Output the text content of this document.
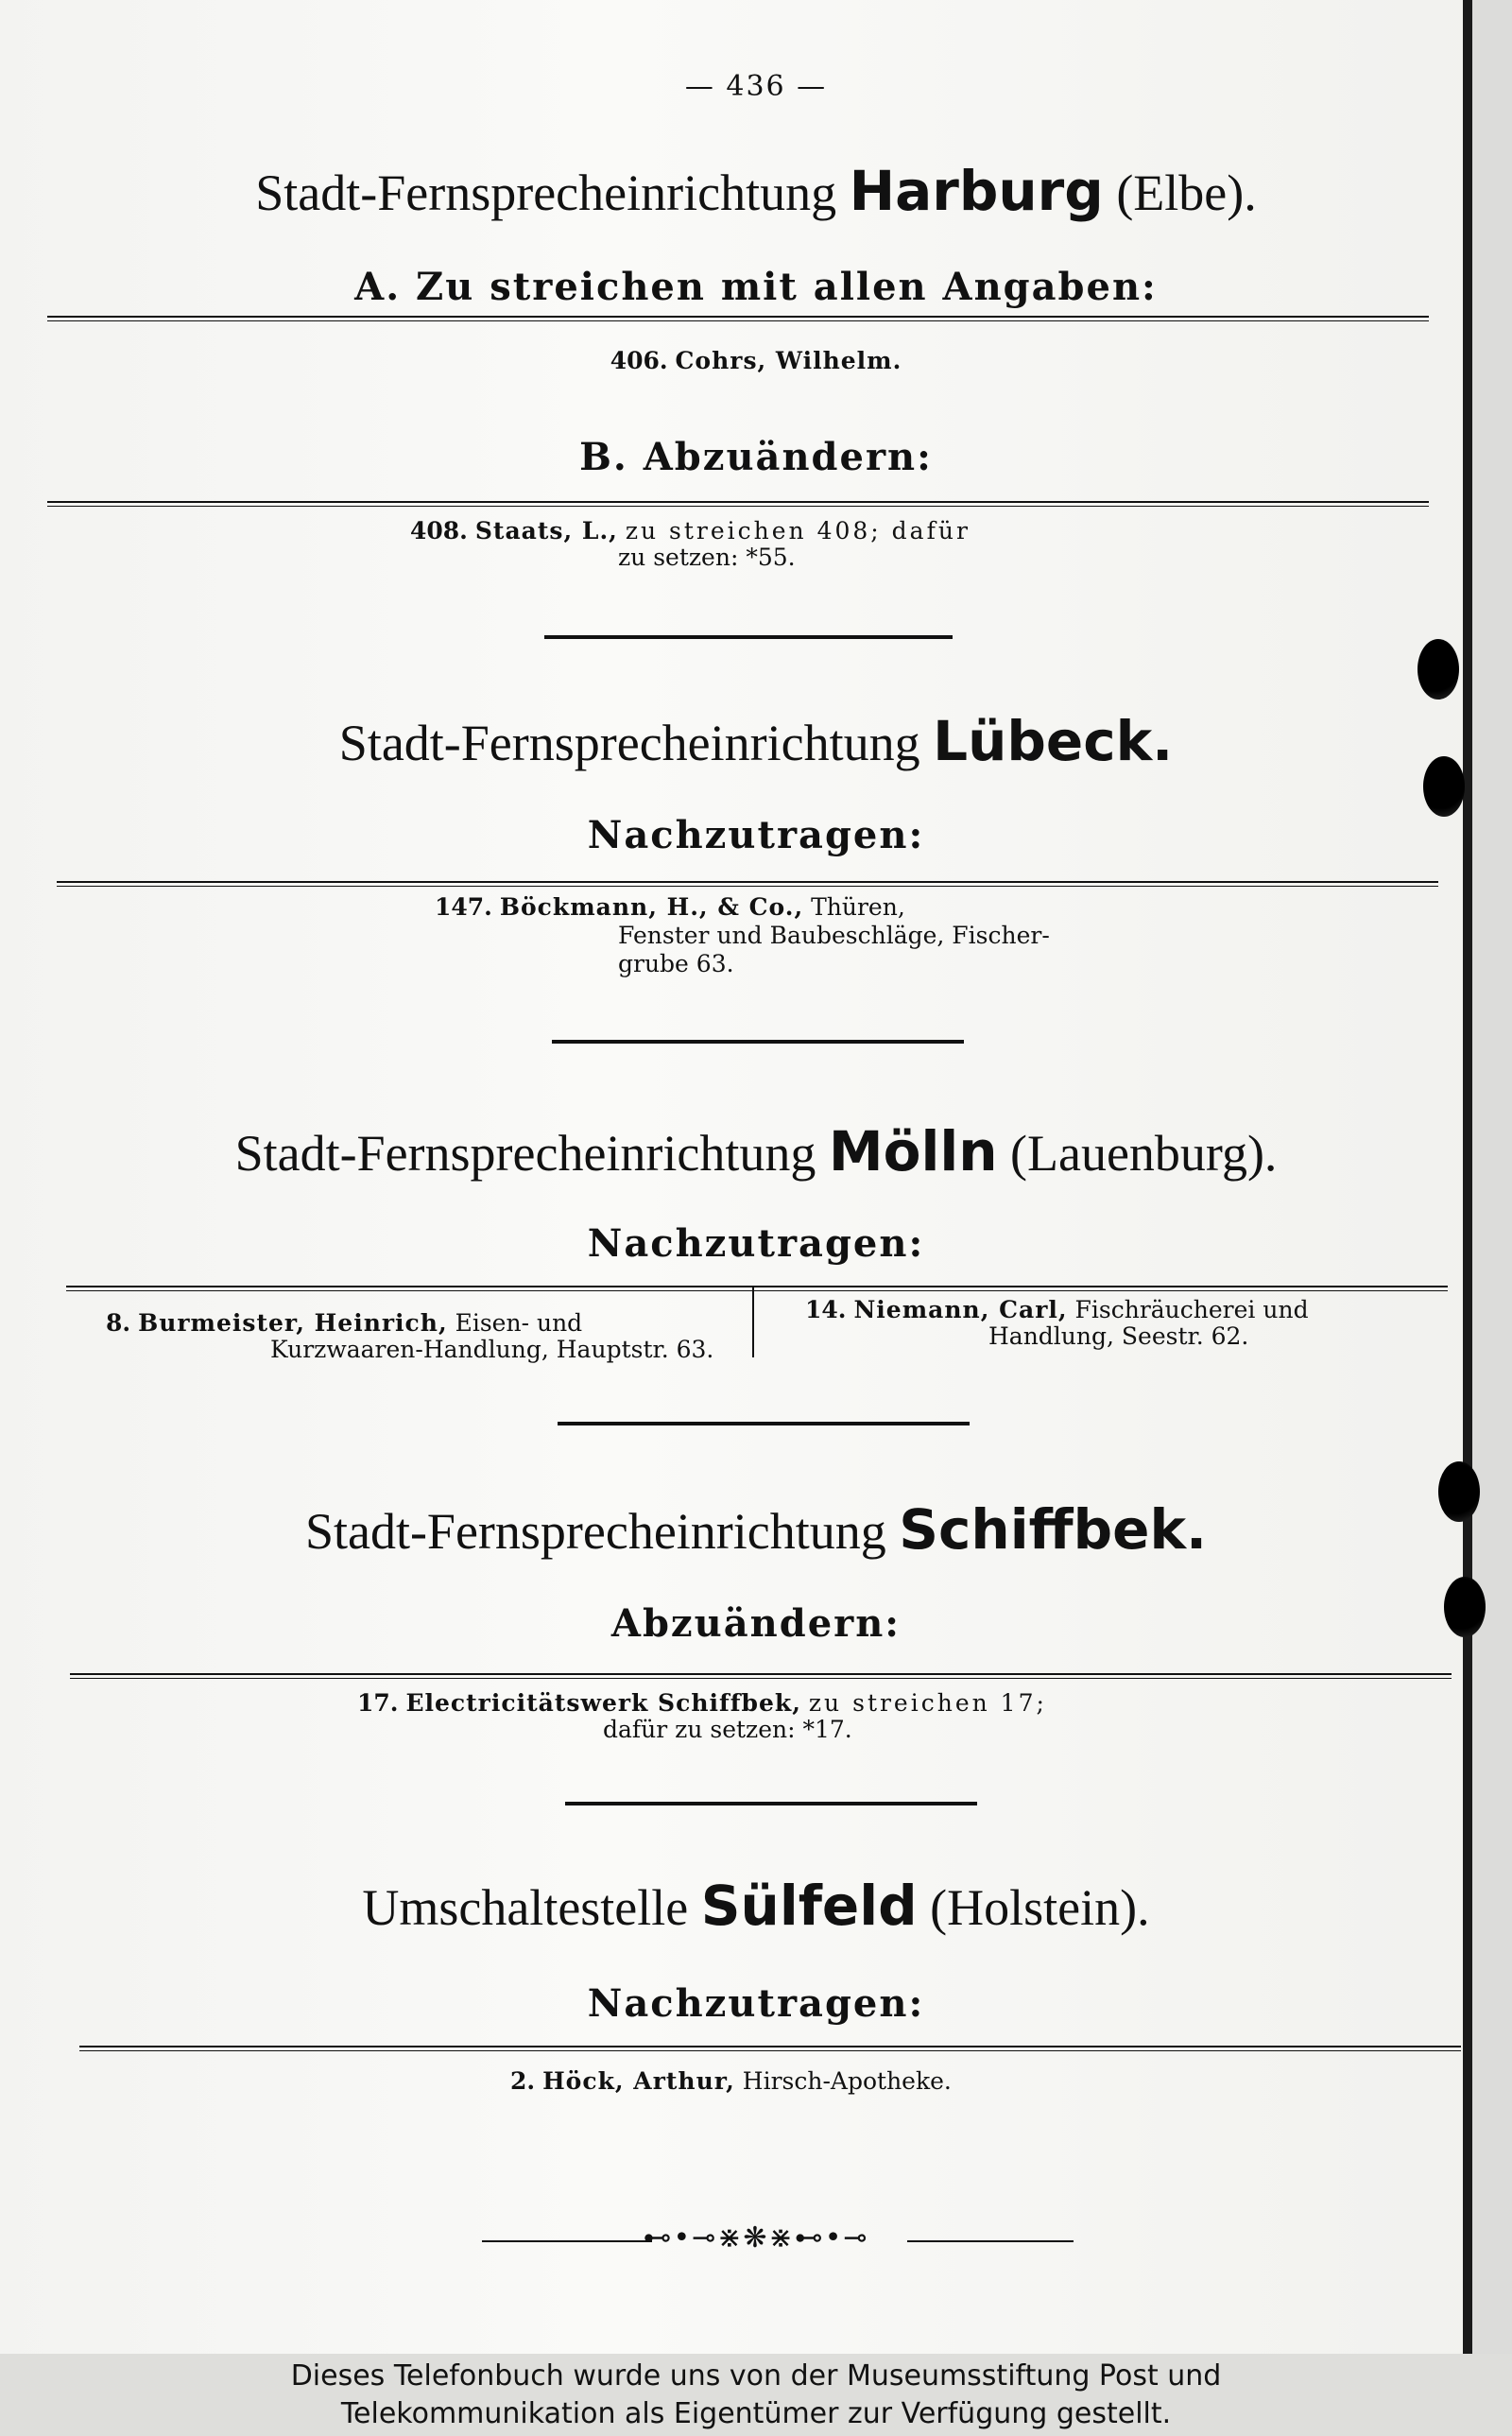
— 436 —
Stadt-Fernsprecheinrichtung Harburg (Elbe).
A. Zu streichen mit allen Angaben:
406. Cohrs, Wilhelm.
B. Abzuändern:
408. Staats, L., zu streichen 408; dafür
zu setzen: *55.
Stadt-Fernsprecheinrichtung Lübeck.
Nachzutragen:
147. Böckmann, H., & Co., Thüren,
Fenster und Baubeschläge, Fischer-
grube 63.
Stadt-Fernsprecheinrichtung Mölln (Lauenburg).
Nachzutragen:
8. Burmeister, Heinrich, Eisen- und
Kurzwaaren-Handlung, Hauptstr. 63.
14. Niemann, Carl, Fischräucherei und
Handlung, Seestr. 62.
Stadt-Fernsprecheinrichtung Schiffbek.
Abzuändern:
17. Electricitätswerk Schiffbek, zu streichen 17;
dafür zu setzen: *17.
Umschaltestelle Sülfeld (Holstein).
Nachzutragen:
2. Höck, Arthur, Hirsch-Apotheke.
⊷•⊸⋇❋⋇⊷•⊸
Dieses Telefonbuch wurde uns von der Museumsstiftung Post und
Telekommunikation als Eigentümer zur Verfügung gestellt.
